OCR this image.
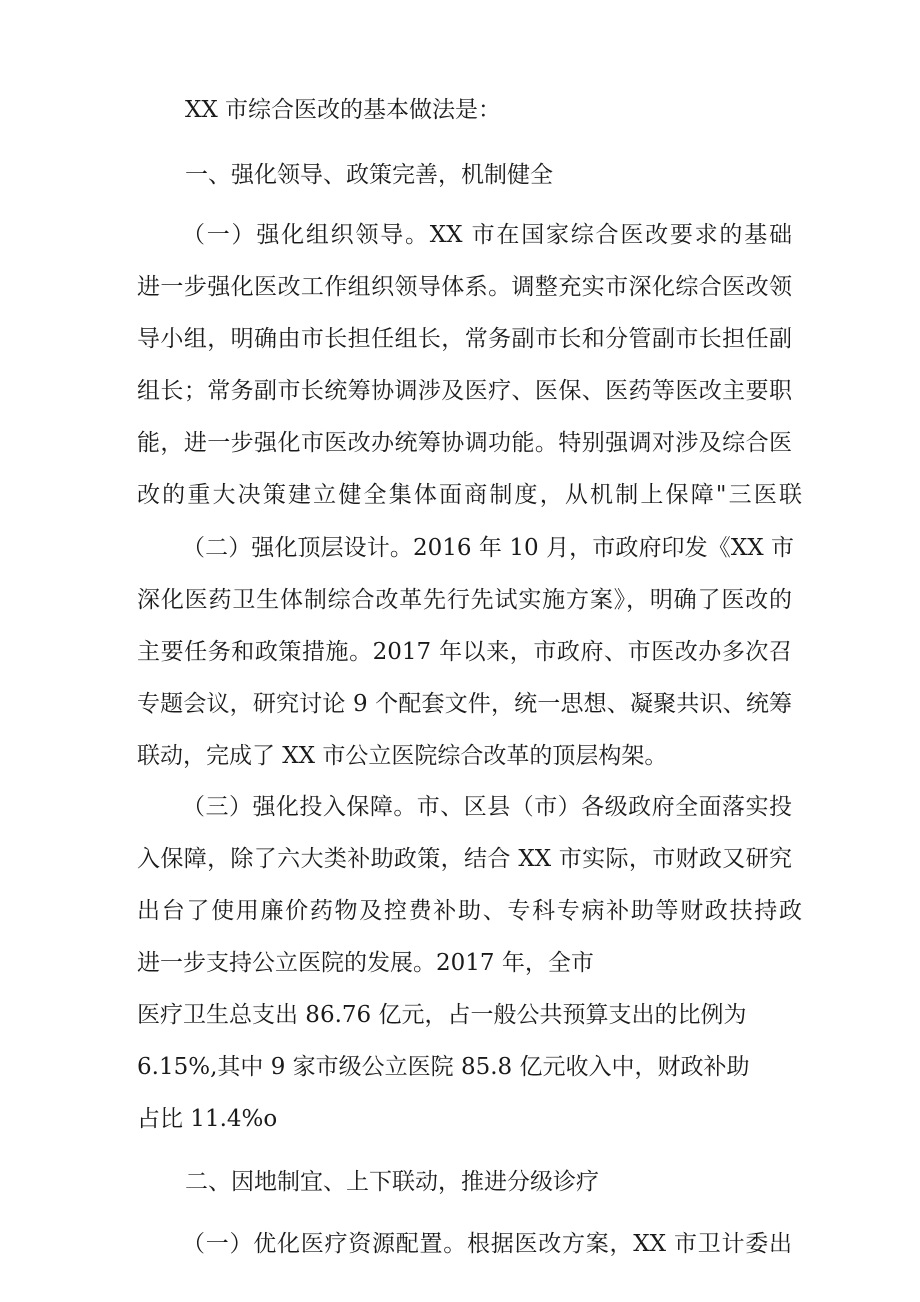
XX 市综合医改的基本做法是：
一、强化领导、政策完善，机制健全
（一）强化组织领导。XX 市在国家综合医改要求的基础
进一步强化医改工作组织领导体系。调整充实市深化综合医改领
导小组，明确由市长担任组长，常务副市长和分管副市长担任副
组长；常务副市长统筹协调涉及医疗、医保、医药等医改主要职
能，进一步强化市医改办统筹协调功能。特别强调对涉及综合医
改的重大决策建立健全集体面商制度，从机制上保障"三医联
（二）强化顶层设计。2016 年 10 月，市政府印发《XX 市
深化医药卫生体制综合改革先行先试实施方案》，明确了医改的
主要任务和政策措施。2017 年以来，市政府、市医改办多次召
专题会议，研究讨论 9 个配套文件，统一思想、凝聚共识、统筹
联动，完成了 XX 市公立医院综合改革的顶层构架。
（三）强化投入保障。市、区县（市）各级政府全面落实投
入保障，除了六大类补助政策，结合 XX 市实际，市财政又研究
出台了使用廉价药物及控费补助、专科专病补助等财政扶持政
进一步支持公立医院的发展。2017 年，全市
医疗卫生总支出 86.76 亿元，占一般公共预算支出的比例为
6.15%,其中 9 家市级公立医院 85.8 亿元收入中，财政补助
占比 11.4%o
二、因地制宜、上下联动，推进分级诊疗
（一）优化医疗资源配置。根据医改方案，XX 市卫计委出
